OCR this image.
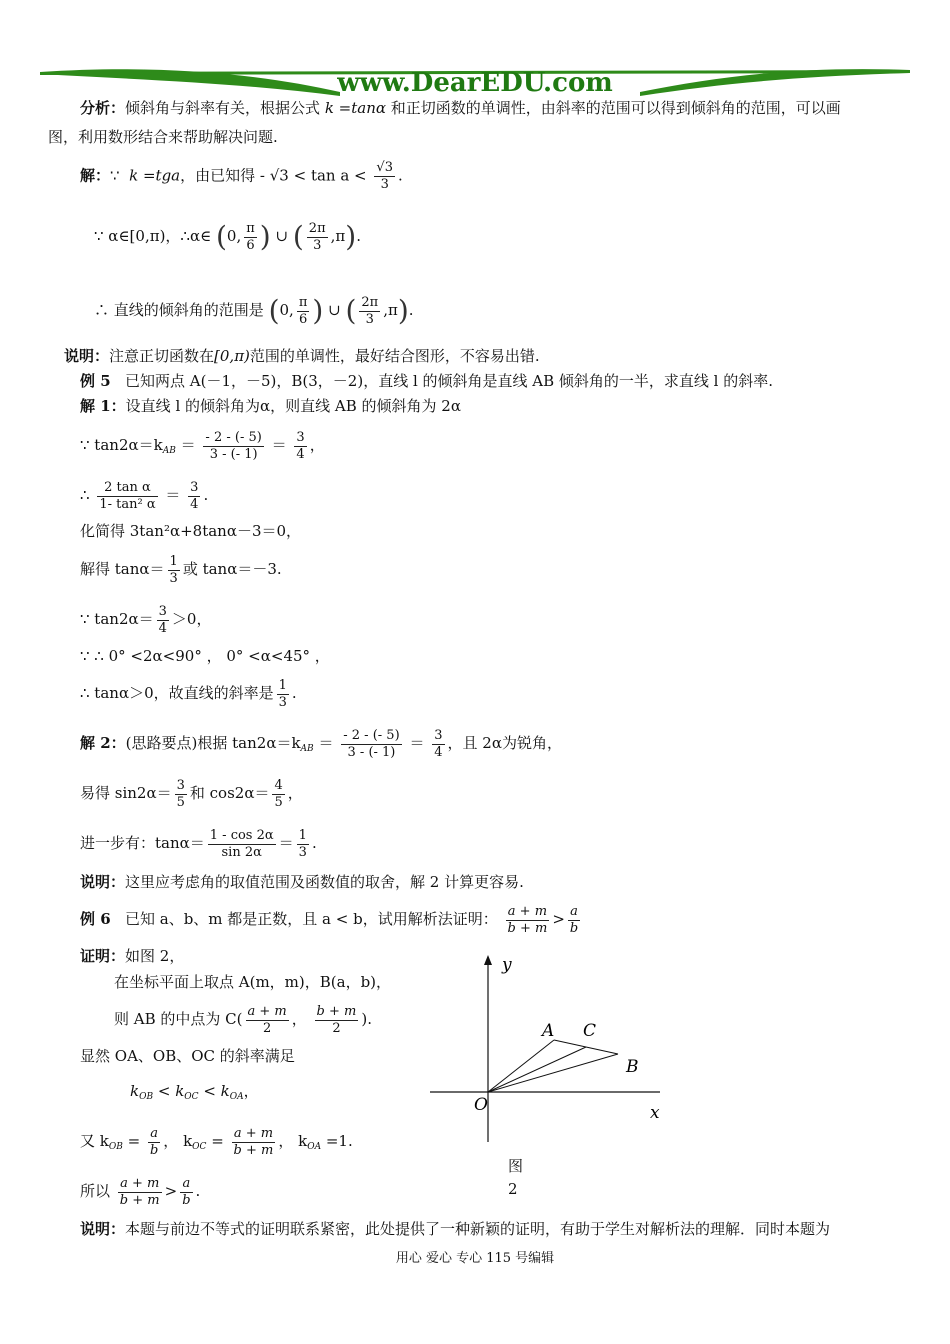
www.DearEDU.com
分析：倾斜角与斜率有关，根据公式 k =tanα 和正切函数的单调性，由斜率的范围可以得到倾斜角的范围，可以画
图，利用数形结合来帮助解决问题.
解：∵ k =tga，由已知得 - $√3 < \tan a < \frac{√3}{3}$ .
∵ α∈[0,π)，∴α∈ (0, $\frac{\pi}{6}$ ) ∪ ( $\frac{2\pi}{3} ,\pi$).
∴ 直线的倾斜角的范围是 (0, $\frac{\pi}{6}$ ) ∪ ( $\frac{2\pi}{3} ,\pi$).
说明：注意正切函数在[0,π)范围的单调性，最好结合图形，不容易出错.
例 5 已知两点 A(－1，－5)，B(3，－2)，直线 l 的倾斜角是直线 AB 倾斜角的一半，求直线 l 的斜率.
解 1：设直线 l 的倾斜角为α，则直线 AB 的倾斜角为 2α
∵ $\tan 2\alpha=k_{AB} = \frac{- 2 - (- 5)}{3 - (- 1)} = \frac{3}{4}$ ，
∴ $\frac{\text{2 tan α}}{\text{1- tan² α}} = \frac{3}{4}$ .
化简得 3tan²α+8tanα－3＝0，
解得 $\tan\alpha= \frac{1}{3}$ 或 tanα＝－3.
∵ $\tan 2\alpha= \frac{3}{4} >0$，
∵ ∴ 0° <2α<90° ， 0° <α<45° ，
∴ tanα＞0，故直线的斜率是 $\frac{1}{3}$ .
解 2：(思路要点)根据 $\tan 2\alpha=k_{AB} = \frac{- 2 - (- 5)}{3 - (- 1)} = \frac{3}{4}$ ，且 2α为锐角，
易得 $\sin 2\alpha= \frac{3}{5}$ 和 $\cos 2\alpha= \frac{4}{5}$ ，
进一步有：$\tan\alpha= \frac{1 - \cos 2\alpha}{\sin 2\alpha} = \frac{1}{3}$ .
说明：这里应考虑角的取值范围及函数值的取舍，解 2 计算更容易.
例 6 已知 a、b、m 都是正数，且 a < b，试用解析法证明： $\frac{a + m}{b + m} > \frac{a}{b}$
证明：如图 2，
在坐标平面上取点 A(m，m)，B(a，b)，
则 AB 的中点为 $C( \frac{a + m}{2}$ ， $\frac{b + m}{2}$ ).
显然 OA、OB、OC 的斜率满足
$k_{OB} < k_{OC} < k_{OA}$，
又 $k_{OB} = \frac{a}{b}$ ， $k_{OC} = \frac{a + m}{b + m}$ ， $k_{OA} =1$.
所以 $\frac{a + m}{b + m} > \frac{a}{b}$ .
y
x
O
A C
B
图
2
说明：本题与前边不等式的证明联系紧密，此处提供了一种新颖的证明，有助于学生对解析法的理解．同时本题为
用心 爱心 专心 115 号编辑
